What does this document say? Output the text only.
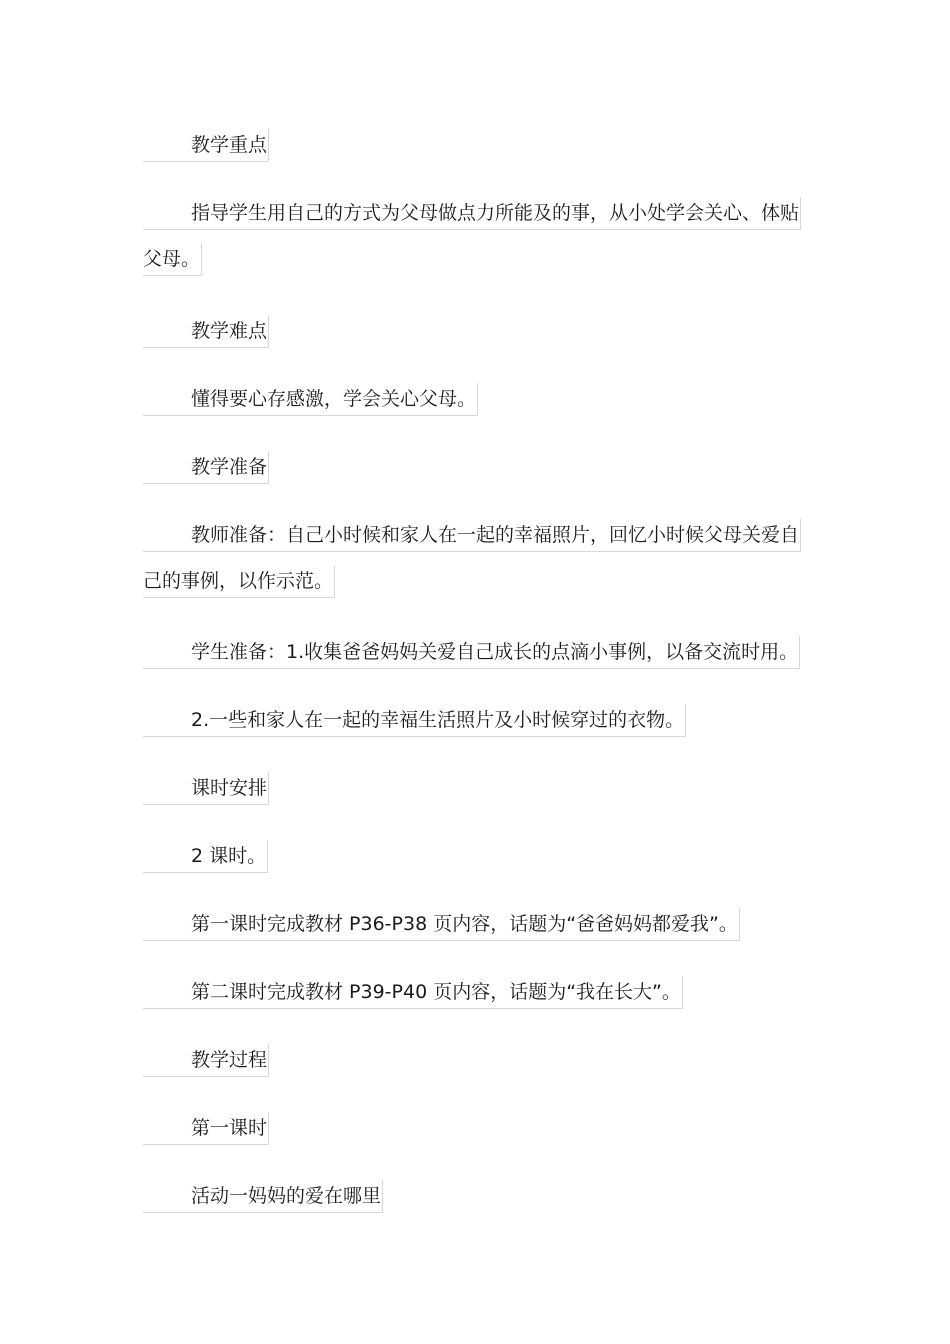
教学重点
指导学生用自己的方式为父母做点力所能及的事，从小处学会关心、体贴
父母。
教学难点
懂得要心存感激，学会关心父母。
教学准备
教师准备：自己小时候和家人在一起的幸福照片，回忆小时候父母关爱自
己的事例，以作示范。
学生准备：1.收集爸爸妈妈关爱自己成长的点滴小事例，以备交流时用。
2.一些和家人在一起的幸福生活照片及小时候穿过的衣物。
课时安排
2 课时。
第一课时完成教材 P36-P38 页内容，话题为“爸爸妈妈都爱我”。
第二课时完成教材 P39-P40 页内容，话题为“我在长大”。
教学过程
第一课时
活动一妈妈的爱在哪里
